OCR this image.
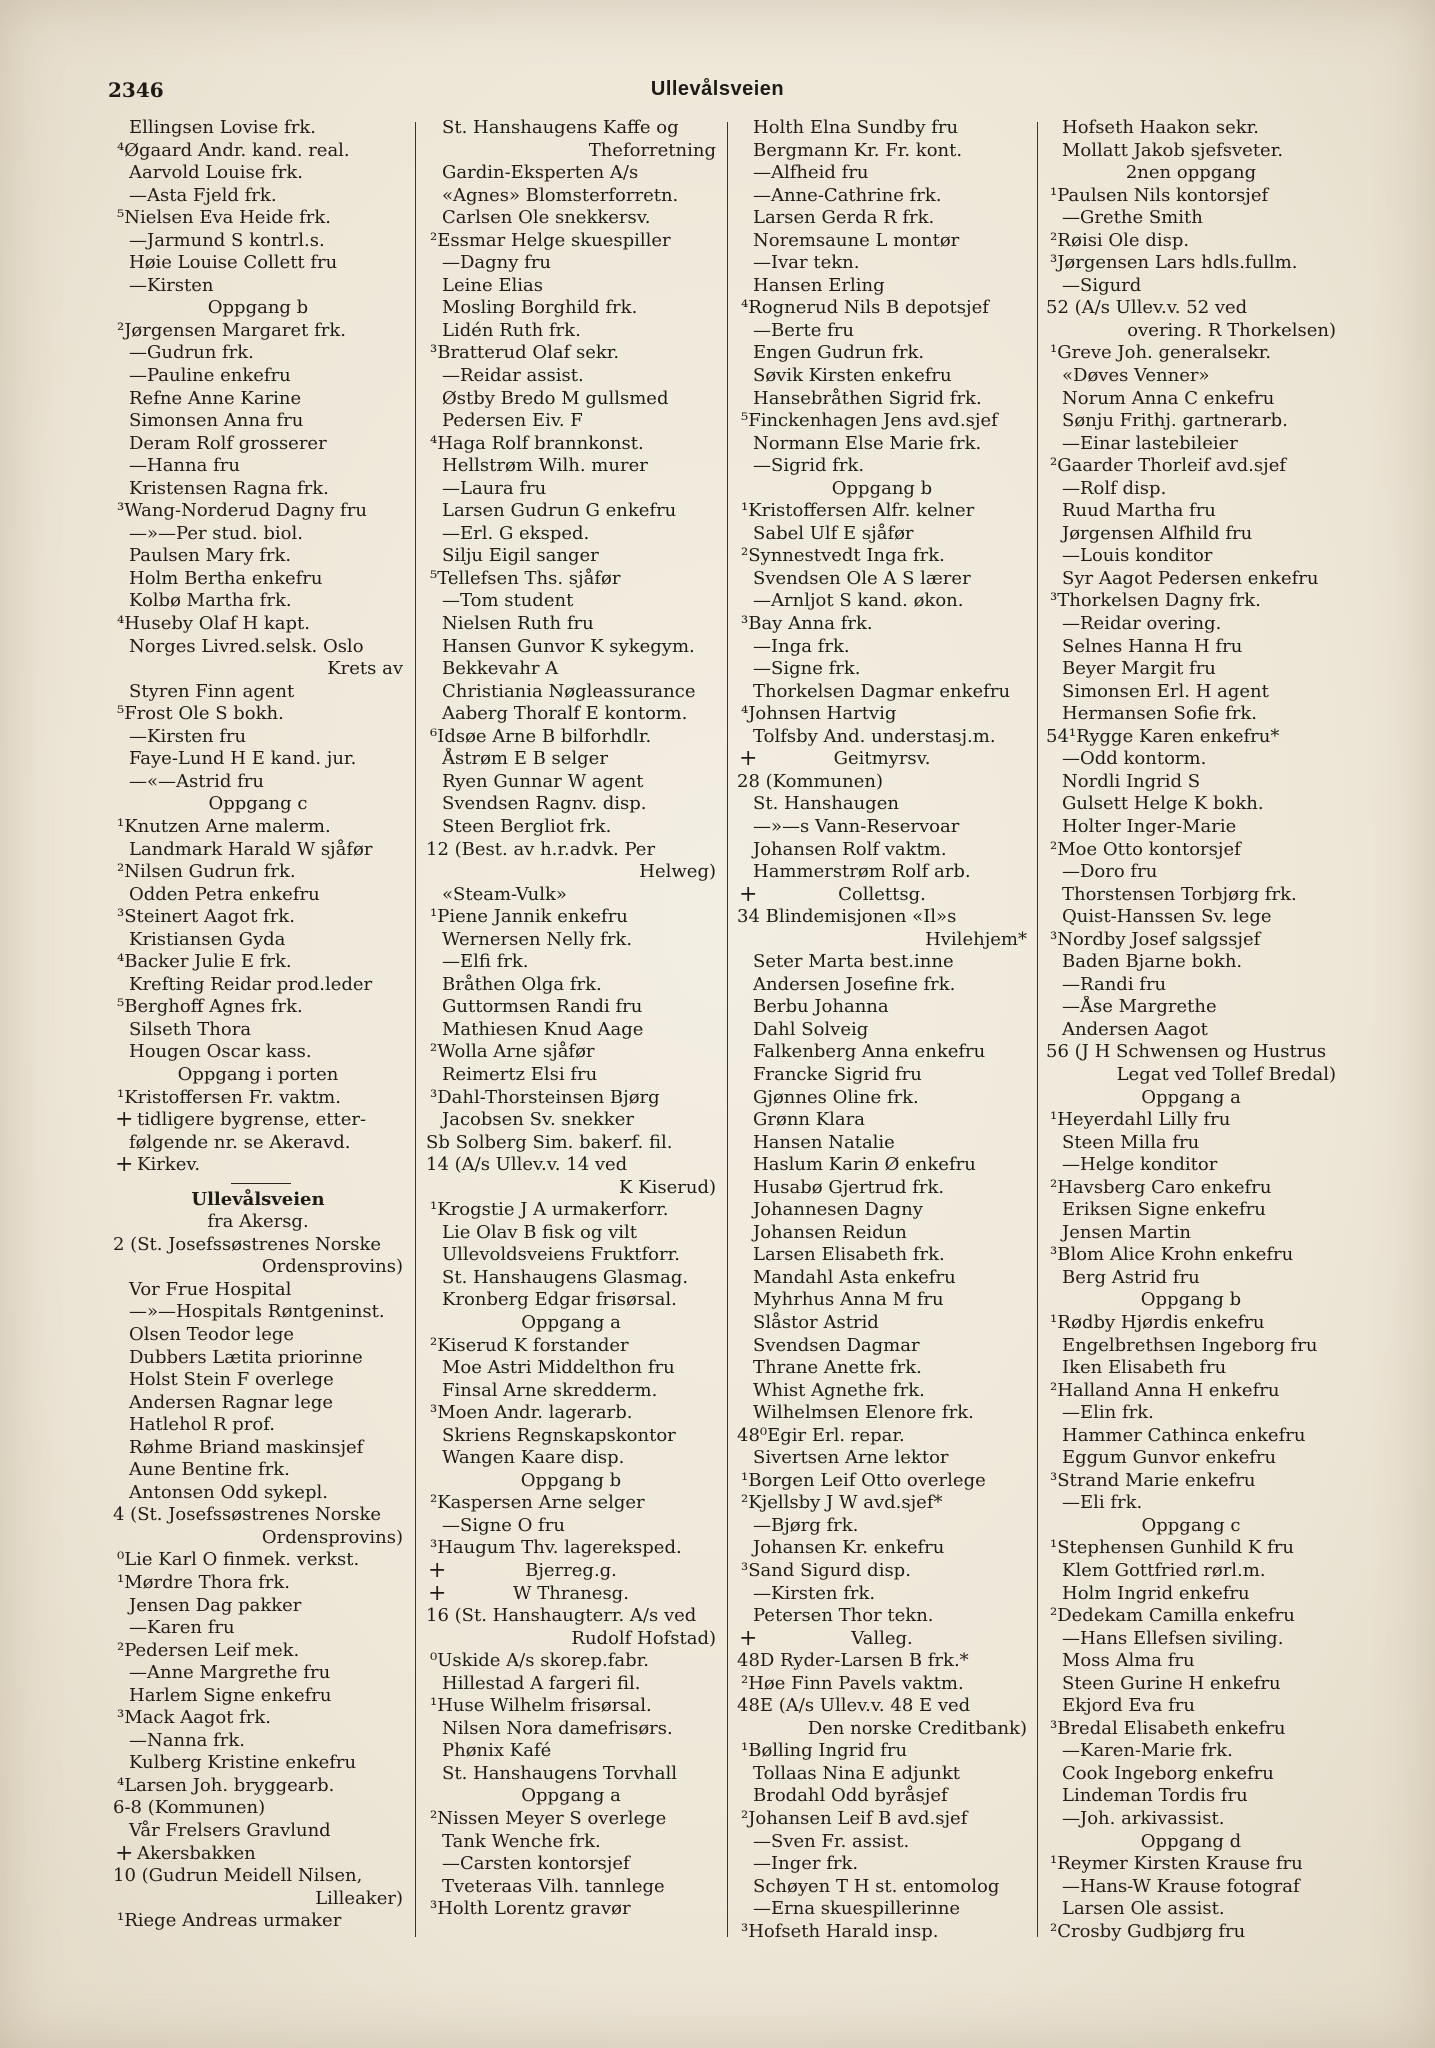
2346	Ullevålsveien
Ellingsen Lovise frk.
⁴Øgaard Andr. kand. real.
Aarvold Louise frk.
—Asta Fjeld frk.
⁵Nielsen Eva Heide frk.
—Jarmund S kontrl.s.
Høie Louise Collett fru
—Kirsten
Oppgang b
²Jørgensen Margaret frk.
—Gudrun frk.
—Pauline enkefru
Refne Anne Karine
Simonsen Anna fru
Deram Rolf grosserer
—Hanna fru
Kristensen Ragna frk.
³Wang-Norderud Dagny fru
—»—Per stud. biol.
Paulsen Mary frk.
Holm Bertha enkefru
Kolbø Martha frk.
⁴Huseby Olaf H kapt.
Norges Livred.selsk. Oslo
Krets av
Styren Finn agent
⁵Frost Ole S bokh.
—Kirsten fru
Faye-Lund H E kand. jur.
—«—Astrid fru
Oppgang c
¹Knutzen Arne malerm.
Landmark Harald W sjåfør
²Nilsen Gudrun frk.
Odden Petra enkefru
³Steinert Aagot frk.
Kristiansen Gyda
⁴Backer Julie E frk.
Krefting Reidar prod.leder
⁵Berghoff Agnes frk.
Silseth Thora
Hougen Oscar kass.
Oppgang i porten
¹Kristoffersen Fr. vaktm.
+ tidligere bygrense, etter-
følgende nr. se Akeravd.
+ Kirkev.
Ullevålsveien
fra Akersg.
2 (St. Josefssøstrenes Norske
Ordensprovins)
Vor Frue Hospital
—»—Hospitals Røntgeninst.
Olsen Teodor lege
Dubbers Lætita priorinne
Holst Stein F overlege
Andersen Ragnar lege
Hatlehol R prof.
Røhme Briand maskinsjef
Aune Bentine frk.
Antonsen Odd sykepl.
4 (St. Josefssøstrenes Norske
Ordensprovins)
⁰Lie Karl O finmek. verkst.
¹Mørdre Thora frk.
Jensen Dag pakker
—Karen fru
²Pedersen Leif mek.
—Anne Margrethe fru
Harlem Signe enkefru
³Mack Aagot frk.
—Nanna frk.
Kulberg Kristine enkefru
⁴Larsen Joh. bryggearb.
6-8 (Kommunen)
Vår Frelsers Gravlund
+ Akersbakken
10 (Gudrun Meidell Nilsen,
Lilleaker)
¹Riege Andreas urmaker
St. Hanshaugens Kaffe og
Theforretning
Gardin-Eksperten A/s
«Agnes» Blomsterforretn.
Carlsen Ole snekkersv.
²Essmar Helge skuespiller
—Dagny fru
Leine Elias
Mosling Borghild frk.
Lidén Ruth frk.
³Bratterud Olaf sekr.
—Reidar assist.
Østby Bredo M gullsmed
Pedersen Eiv. F
⁴Haga Rolf brannkonst.
Hellstrøm Wilh. murer
—Laura fru
Larsen Gudrun G enkefru
—Erl. G eksped.
Silju Eigil sanger
⁵Tellefsen Ths. sjåfør
—Tom student
Nielsen Ruth fru
Hansen Gunvor K sykegym.
Bekkevahr A
Christiania Nøgleassurance
Aaberg Thoralf E kontorm.
⁶Idsøe Arne B bilforhdlr.
Åstrøm E B selger
Ryen Gunnar W agent
Svendsen Ragnv. disp.
Steen Bergliot frk.
12 (Best. av h.r.advk. Per
Helweg)
«Steam-Vulk»
¹Piene Jannik enkefru
Wernersen Nelly frk.
—Elfi frk.
Bråthen Olga frk.
Guttormsen Randi fru
Mathiesen Knud Aage
²Wolla Arne sjåfør
Reimertz Elsi fru
³Dahl-Thorsteinsen Bjørg
Jacobsen Sv. snekker
Sb Solberg Sim. bakerf. fil.
14 (A/s Ullev.v. 14 ved
K Kiserud)
¹Krogstie J A urmakerforr.
Lie Olav B fisk og vilt
Ullevoldsveiens Fruktforr.
St. Hanshaugens Glasmag.
Kronberg Edgar frisørsal.
Oppgang a
²Kiserud K forstander
Moe Astri Middelthon fru
Finsal Arne skredderm.
³Moen Andr. lagerarb.
Skriens Regnskapskontor
Wangen Kaare disp.
Oppgang b
²Kaspersen Arne selger
—Signe O fru
³Haugum Thv. lagereksped.
+	Bjerreg.g.
+	W Thranesg.
16 (St. Hanshaugterr. A/s ved
Rudolf Hofstad)
⁰Uskide A/s skorep.fabr.
Hillestad A fargeri fil.
¹Huse Wilhelm frisørsal.
Nilsen Nora damefrisørs.
Phønix Kafé
St. Hanshaugens Torvhall
Oppgang a
²Nissen Meyer S overlege
Tank Wenche frk.
—Carsten kontorsjef
Tveteraas Vilh. tannlege
³Holth Lorentz gravør
Holth Elna Sundby fru
Bergmann Kr. Fr. kont.
—Alfheid fru
—Anne-Cathrine frk.
Larsen Gerda R frk.
Noremsaune L montør
—Ivar tekn.
Hansen Erling
⁴Rognerud Nils B depotsjef
—Berte fru
Engen Gudrun frk.
Søvik Kirsten enkefru
Hansebråthen Sigrid frk.
⁵Finckenhagen Jens avd.sjef
Normann Else Marie frk.
—Sigrid frk.
Oppgang b
¹Kristoffersen Alfr. kelner
Sabel Ulf E sjåfør
²Synnestvedt Inga frk.
Svendsen Ole A S lærer
—Arnljot S kand. økon.
³Bay Anna frk.
—Inga frk.
—Signe frk.
Thorkelsen Dagmar enkefru
⁴Johnsen Hartvig
Tolfsby And. understasj.m.
+	Geitmyrsv.
28 (Kommunen)
St. Hanshaugen
—»—s Vann-Reservoar
Johansen Rolf vaktm.
Hammerstrøm Rolf arb.
+	Collettsg.
34 Blindemisjonen «Il»s
Hvilehjem*
Seter Marta best.inne
Andersen Josefine frk.
Berbu Johanna
Dahl Solveig
Falkenberg Anna enkefru
Francke Sigrid fru
Gjønnes Oline frk.
Grønn Klara
Hansen Natalie
Haslum Karin Ø enkefru
Husabø Gjertrud frk.
Johannesen Dagny
Johansen Reidun
Larsen Elisabeth frk.
Mandahl Asta enkefru
Myhrhus Anna M fru
Slåstor Astrid
Svendsen Dagmar
Thrane Anette frk.
Whist Agnethe frk.
Wilhelmsen Elenore frk.
48⁰Egir Erl. repar.
Sivertsen Arne lektor
¹Borgen Leif Otto overlege
²Kjellsby J W avd.sjef*
—Bjørg frk.
Johansen Kr. enkefru
³Sand Sigurd disp.
—Kirsten frk.
Petersen Thor tekn.
+	Valleg.
48D Ryder-Larsen B frk.*
²Høe Finn Pavels vaktm.
48E (A/s Ullev.v. 48 E ved
Den norske Creditbank)
¹Bølling Ingrid fru
Tollaas Nina E adjunkt
Brodahl Odd byråsjef
²Johansen Leif B avd.sjef
—Sven Fr. assist.
—Inger frk.
Schøyen T H st. entomolog
—Erna skuespillerinne
³Hofseth Harald insp.
Hofseth Haakon sekr.
Mollatt Jakob sjefsveter.
2nen oppgang
¹Paulsen Nils kontorsjef
—Grethe Smith
²Røisi Ole disp.
³Jørgensen Lars hdls.fullm.
—Sigurd
52 (A/s Ullev.v. 52 ved
overing. R Thorkelsen)
¹Greve Joh. generalsekr.
«Døves Venner»
Norum Anna C enkefru
Sønju Frithj. gartnerarb.
—Einar lastebileier
²Gaarder Thorleif avd.sjef
—Rolf disp.
Ruud Martha fru
Jørgensen Alfhild fru
—Louis konditor
Syr Aagot Pedersen enkefru
³Thorkelsen Dagny frk.
—Reidar overing.
Selnes Hanna H fru
Beyer Margit fru
Simonsen Erl. H agent
Hermansen Sofie frk.
54¹Rygge Karen enkefru*
—Odd kontorm.
Nordli Ingrid S
Gulsett Helge K bokh.
Holter Inger-Marie
²Moe Otto kontorsjef
—Doro fru
Thorstensen Torbjørg frk.
Quist-Hanssen Sv. lege
³Nordby Josef salgssjef
Baden Bjarne bokh.
—Randi fru
—Åse Margrethe
Andersen Aagot
56 (J H Schwensen og Hustrus
Legat ved Tollef Bredal)
Oppgang a
¹Heyerdahl Lilly fru
Steen Milla fru
—Helge konditor
²Havsberg Caro enkefru
Eriksen Signe enkefru
Jensen Martin
³Blom Alice Krohn enkefru
Berg Astrid fru
Oppgang b
¹Rødby Hjørdis enkefru
Engelbrethsen Ingeborg fru
Iken Elisabeth fru
²Halland Anna H enkefru
—Elin frk.
Hammer Cathinca enkefru
Eggum Gunvor enkefru
³Strand Marie enkefru
—Eli frk.
Oppgang c
¹Stephensen Gunhild K fru
Klem Gottfried rørl.m.
Holm Ingrid enkefru
²Dedekam Camilla enkefru
—Hans Ellefsen siviling.
Moss Alma fru
Steen Gurine H enkefru
Ekjord Eva fru
³Bredal Elisabeth enkefru
—Karen-Marie frk.
Cook Ingeborg enkefru
Lindeman Tordis fru
—Joh. arkivassist.
Oppgang d
¹Reymer Kirsten Krause fru
—Hans-W Krause fotograf
Larsen Ole assist.
²Crosby Gudbjørg fru
